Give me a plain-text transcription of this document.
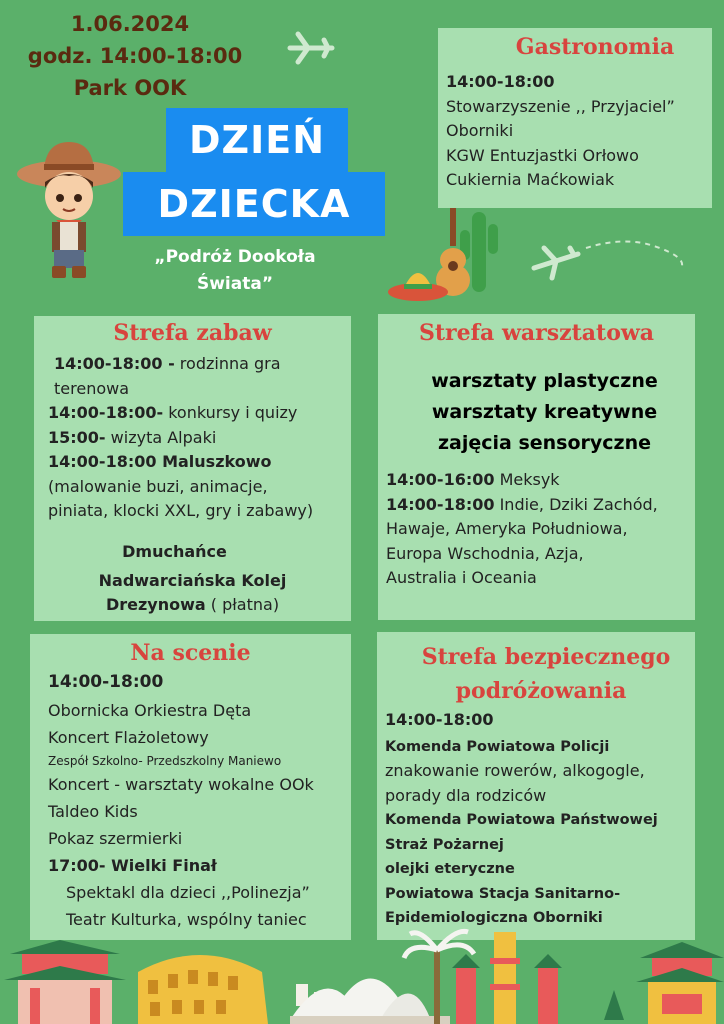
1.06.2024
godz. 14:00-18:00
Park OOK
DZIEŃ
DZIECKA
„Podróż Dookoła
Świata”
Gastronomia
14:00-18:00
Stowarzyszenie ,, Przyjaciel”
Oborniki
KGW Entuzjastki Orłowo
Cukiernia Maćkowiak
Strefa zabaw
14:00-18:00 - rodzinna gra
terenowa
14:00-18:00- konkursy i quizy
15:00- wizyta Alpaki
14:00-18:00 Maluszkowo
(malowanie buzi, animacje,
piniata, klocki XXL, gry i zabawy)
Dmuchańce
Nadwarciańska Kolej
Drezynowa ( płatna)
Strefa warsztatowa
warsztaty plastyczne
warsztaty kreatywne
zajęcia sensoryczne
14:00-16:00 Meksyk
14:00-18:00 Indie, Dziki Zachód,
Hawaje, Ameryka Południowa,
Europa Wschodnia, Azja,
Australia i Oceania
Na scenie
14:00-18:00
Obornicka Orkiestra Dęta
Koncert Flażoletowy
Zespół Szkolno- Przedszkolny Maniewo
Koncert - warsztaty wokalne OOk
Taldeo Kids
Pokaz szermierki
17:00- Wielki Finał
Spektakl dla dzieci ,,Polinezja”
Teatr Kulturka, wspólny taniec
Strefa bezpiecznego
podróżowania
14:00-18:00
Komenda Powiatowa Policji
znakowanie rowerów, alkogogle,
porady dla rodziców
Komenda Powiatowa Państwowej
Straż Pożarnej
olejki eteryczne
Powiatowa Stacja Sanitarno-
Epidemiologiczna Oborniki
